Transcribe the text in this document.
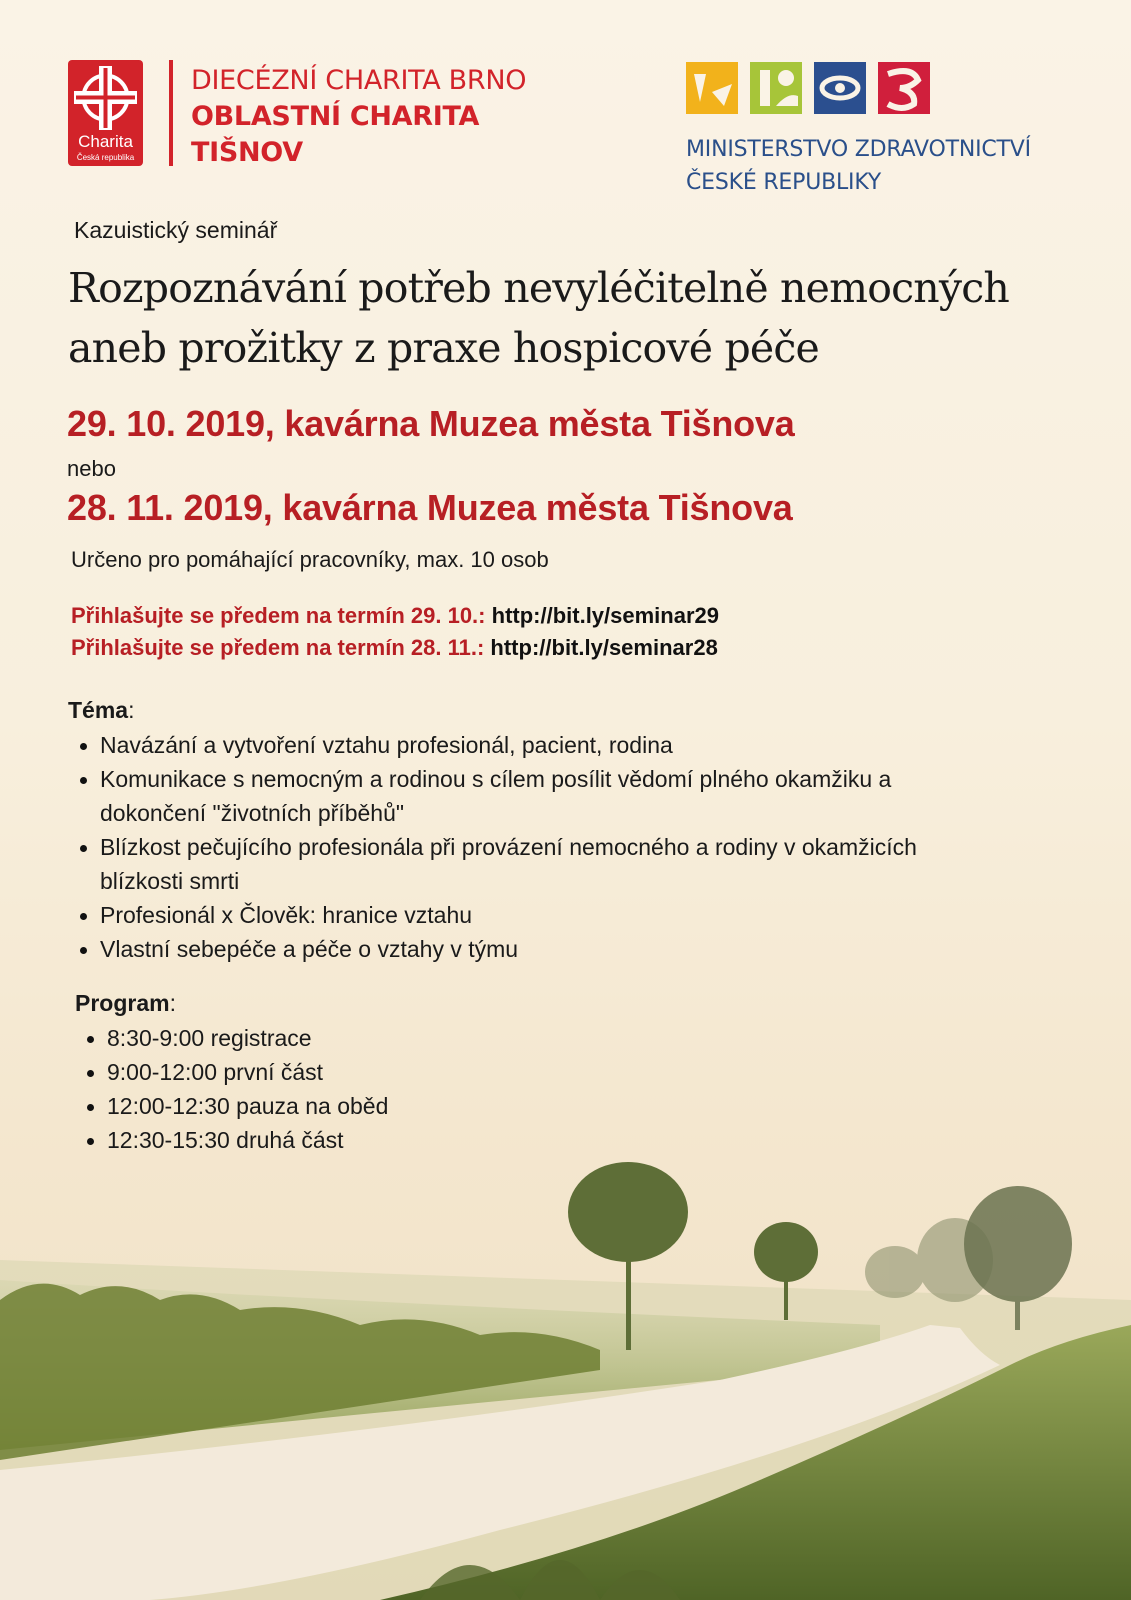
Charita
Česká republika
DIECÉZNÍ CHARITA BRNO
OBLASTNÍ CHARITA
TIŠNOV	MINISTERSTVO ZDRAVOTNICTVÍ
ČESKÉ REPUBLIKY
Kazuistický seminář
Rozpoznávání potřeb nevyléčitelně nemocných
aneb prožitky z praxe hospicové péče
29. 10. 2019, kavárna Muzea města Tišnova
nebo
28. 11. 2019, kavárna Muzea města Tišnova
Určeno pro pomáhající pracovníky, max. 10 osob
Přihlašujte se předem na termín 29. 10.: http://bit.ly/seminar29
Přihlašujte se předem na termín 28. 11.: http://bit.ly/seminar28
Téma:
Navázání a vytvoření vztahu profesionál, pacient, rodina
Komunikace s nemocným a rodinou s cílem posílit vědomí plného okamžiku a dokončení "životních příběhů"
Blízkost pečujícího profesionála při provázení nemocného a rodiny v okamžicích blízkosti smrti
Profesionál x Člověk: hranice vztahu
Vlastní sebepéče a péče o vztahy v týmu
Program:
8:30-9:00 registrace
9:00-12:00 první část
12:00-12:30 pauza na oběd
12:30-15:30 druhá část
